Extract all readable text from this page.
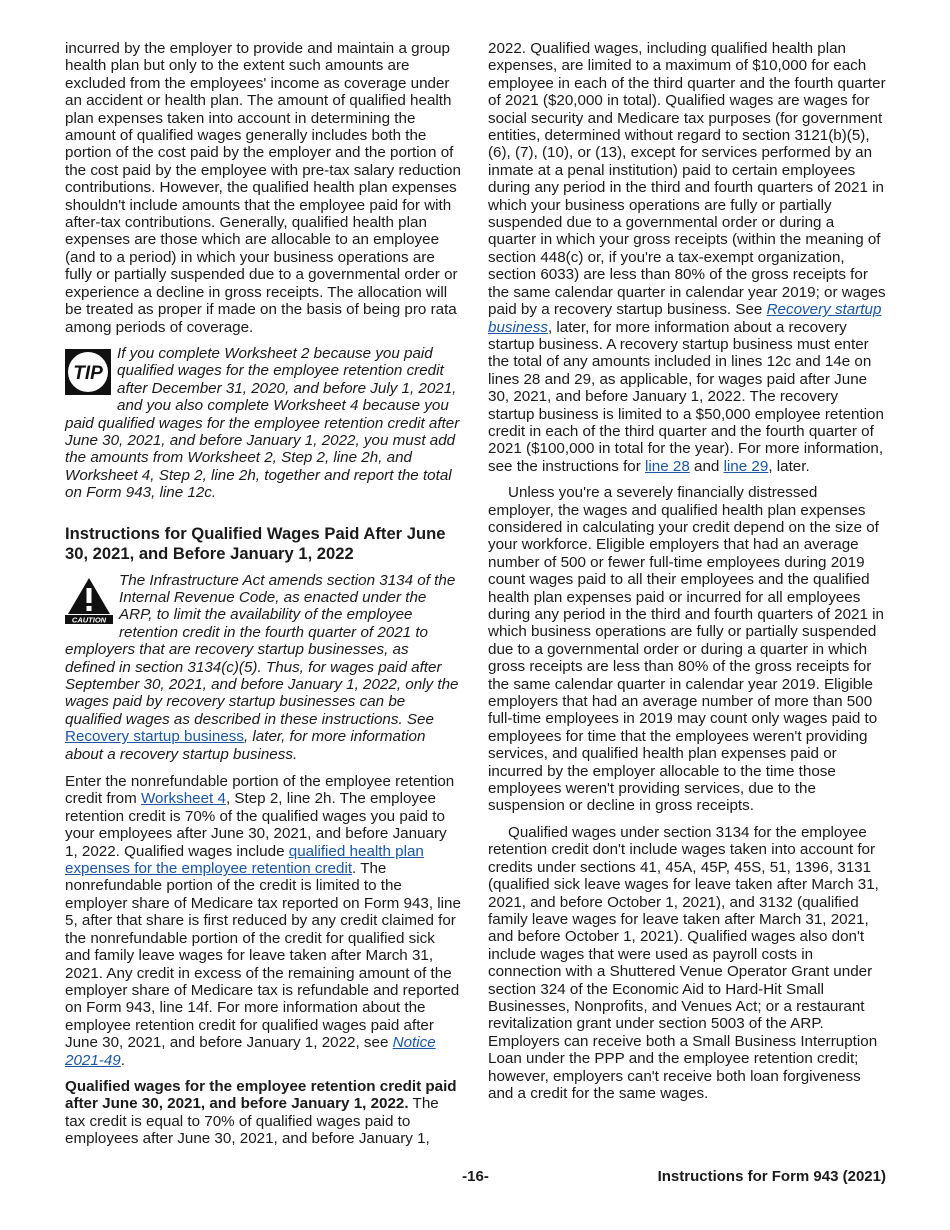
incurred by the employer to provide and maintain a group health plan but only to the extent such amounts are excluded from the employees' income as coverage under an accident or health plan. The amount of qualified health plan expenses taken into account in determining the amount of qualified wages generally includes both the portion of the cost paid by the employer and the portion of the cost paid by the employee with pre-tax salary reduction contributions. However, the qualified health plan expenses shouldn't include amounts that the employee paid for with after-tax contributions. Generally, qualified health plan expenses are those which are allocable to an employee (and to a period) in which your business operations are fully or partially suspended due to a governmental order or experience a decline in gross receipts. The allocation will be treated as proper if made on the basis of being pro rata among periods of coverage.

TIP

If you complete Worksheet 2 because you paid qualified wages for the employee retention credit after December 31, 2020, and before July 1, 2021, and you also complete Worksheet 4 because you paid qualified wages for the employee retention credit after June 30, 2021, and before January 1, 2022, you must add the amounts from Worksheet 2, Step 2, line 2h, and Worksheet 4, Step 2, line 2h, together and report the total on Form 943, line 12c.

Instructions for Qualified Wages Paid After June 30, 2021, and Before January 1, 2022
CAUTION

The Infrastructure Act amends section 3134 of the Internal Revenue Code, as enacted under the ARP, to limit the availability of the employee retention credit in the fourth quarter of 2021 to employers that are recovery startup businesses, as defined in section 3134(c)(5). Thus, for wages paid after September 30, 2021, and before January 1, 2022, only the wages paid by recovery startup businesses can be qualified wages as described in these instructions. See Recovery startup business, later, for more information about a recovery startup business.

Enter the nonrefundable portion of the employee retention credit from Worksheet 4, Step 2, line 2h. The employee retention credit is 70% of the qualified wages you paid to your employees after June 30, 2021, and before January 1, 2022. Qualified wages include qualified health plan expenses for the employee retention credit. The nonrefundable portion of the credit is limited to the employer share of Medicare tax reported on Form 943, line 5, after that share is first reduced by any credit claimed for the nonrefundable portion of the credit for qualified sick and family leave wages for leave taken after March 31, 2021. Any credit in excess of the remaining amount of the employer share of Medicare tax is refundable and reported on Form 943, line 14f. For more information about the employee retention credit for qualified wages paid after June 30, 2021, and before January 1, 2022, see Notice 2021-49.

Qualified wages for the employee retention credit paid after June 30, 2021, and before January 1, 2022. The tax credit is equal to 70% of qualified wages paid to employees after June 30, 2021, and before January 1,

2022. Qualified wages, including qualified health plan expenses, are limited to a maximum of $10,000 for each employee in each of the third quarter and the fourth quarter of 2021 ($20,000 in total). Qualified wages are wages for social security and Medicare tax purposes (for government entities, determined without regard to section 3121(b)(5), (6), (7), (10), or (13), except for services performed by an inmate at a penal institution) paid to certain employees during any period in the third and fourth quarters of 2021 in which your business operations are fully or partially suspended due to a governmental order or during a quarter in which your gross receipts (within the meaning of section 448(c) or, if you're a tax-exempt organization, section 6033) are less than 80% of the gross receipts for the same calendar quarter in calendar year 2019; or wages paid by a recovery startup business. See Recovery startup business, later, for more information about a recovery startup business. A recovery startup business must enter the total of any amounts included in lines 12c and 14e on lines 28 and 29, as applicable, for wages paid after June 30, 2021, and before January 1, 2022. The recovery startup business is limited to a $50,000 employee retention credit in each of the third quarter and the fourth quarter of 2021 ($100,000 in total for the year). For more information, see the instructions for line 28 and line 29, later.

Unless you're a severely financially distressed employer, the wages and qualified health plan expenses considered in calculating your credit depend on the size of your workforce. Eligible employers that had an average number of 500 or fewer full-time employees during 2019 count wages paid to all their employees and the qualified health plan expenses paid or incurred for all employees during any period in the third and fourth quarters of 2021 in which business operations are fully or partially suspended due to a governmental order or during a quarter in which gross receipts are less than 80% of the gross receipts for the same calendar quarter in calendar year 2019. Eligible employers that had an average number of more than 500 full-time employees in 2019 may count only wages paid to employees for time that the employees weren't providing services, and qualified health plan expenses paid or incurred by the employer allocable to the time those employees weren't providing services, due to the suspension or decline in gross receipts.

Qualified wages under section 3134 for the employee retention credit don't include wages taken into account for credits under sections 41, 45A, 45P, 45S, 51, 1396, 3131 (qualified sick leave wages for leave taken after March 31, 2021, and before October 1, 2021), and 3132 (qualified family leave wages for leave taken after March 31, 2021, and before October 1, 2021). Qualified wages also don't include wages that were used as payroll costs in connection with a Shuttered Venue Operator Grant under section 324 of the Economic Aid to Hard-Hit Small Businesses, Nonprofits, and Venues Act; or a restaurant revitalization grant under section 5003 of the ARP. Employers can receive both a Small Business Interruption Loan under the PPP and the employee retention credit; however, employers can't receive both loan forgiveness and a credit for the same wages.

-16-	Instructions for Form 943 (2021)
